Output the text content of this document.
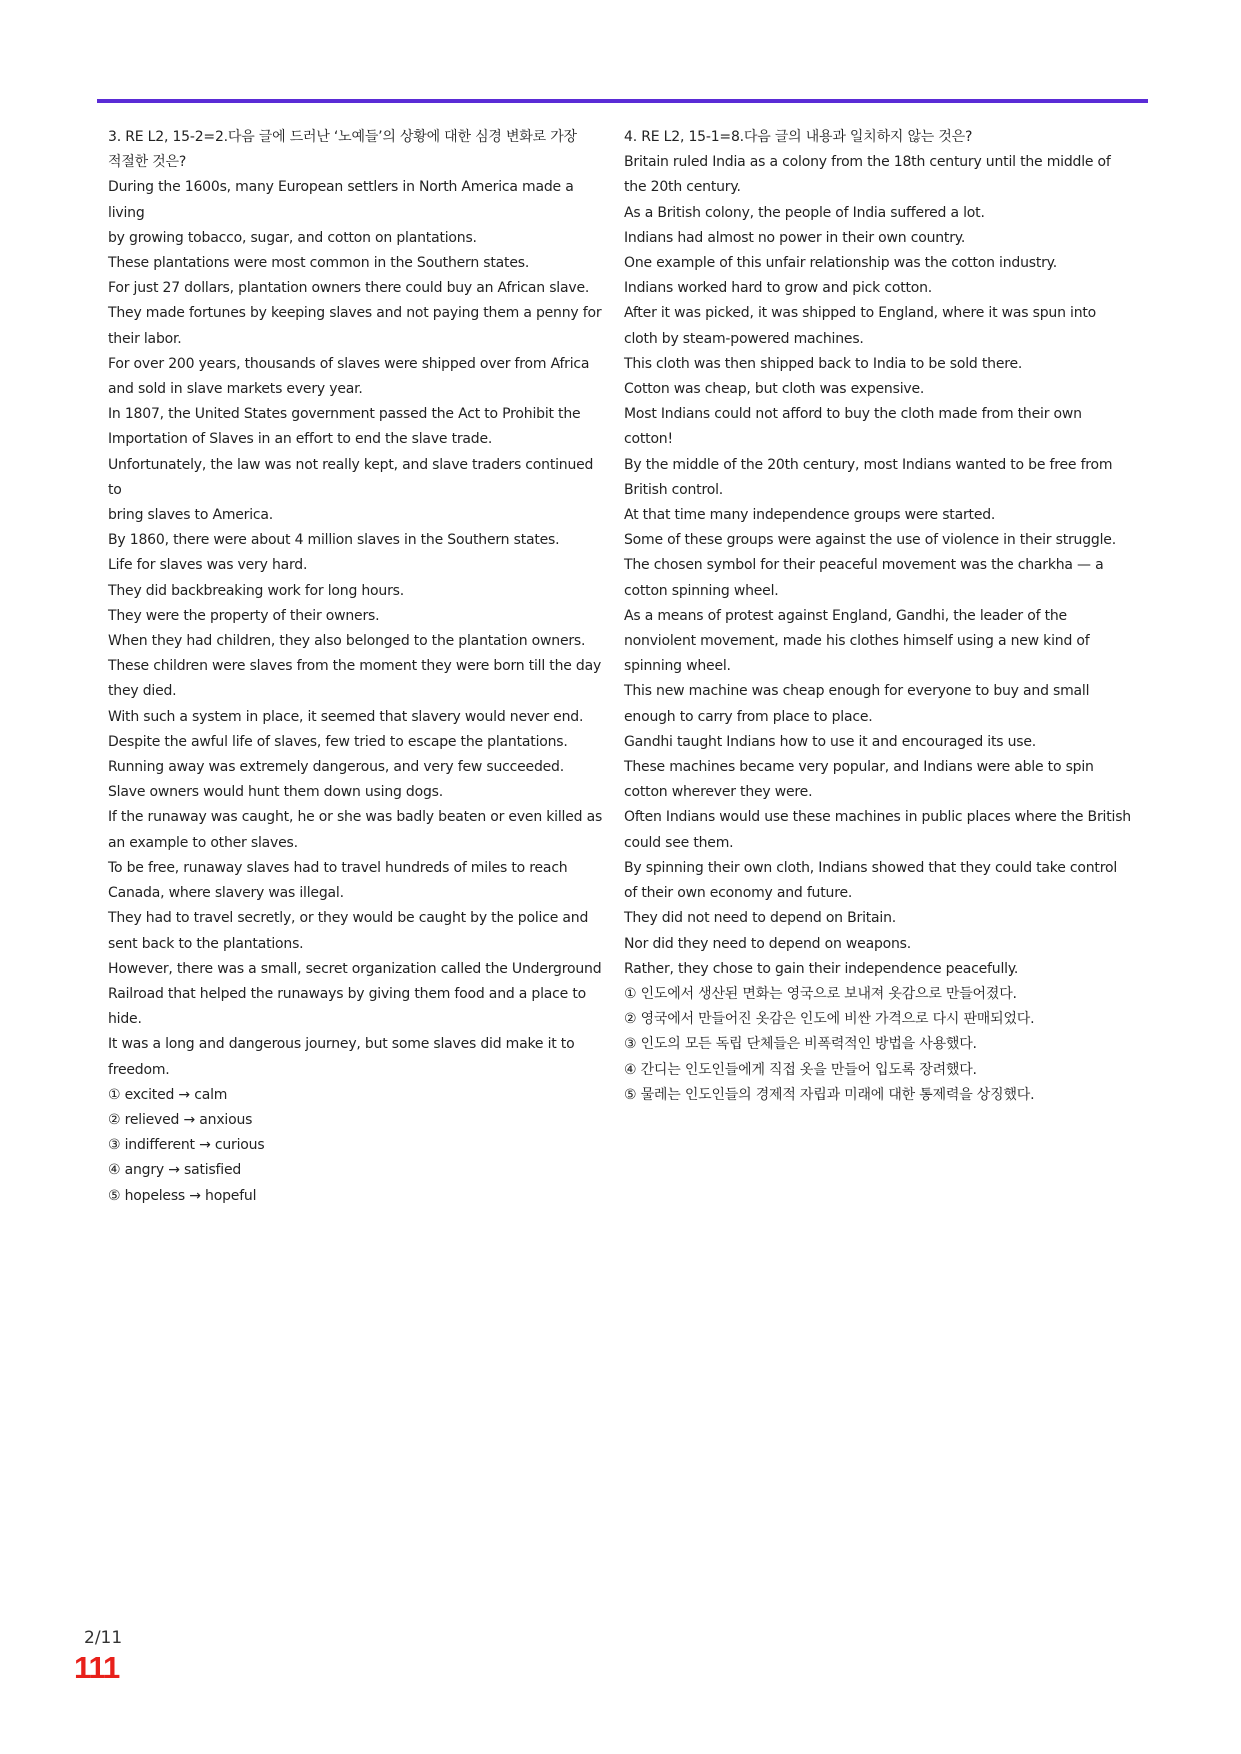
3. RE L2, 15-2=2.다음 글에 드러난 ‘노예들’의 상황에 대한 심경 변화로 가장

적절한 것은?

During the 1600s, many European settlers in North America made a living

by growing tobacco, sugar, and cotton on plantations.

These plantations were most common in the Southern states.

For just 27 dollars, plantation owners there could buy an African slave.

They made fortunes by keeping slaves and not paying them a penny for

their labor.

For over 200 years, thousands of slaves were shipped over from Africa

and sold in slave markets every year.

In 1807, the United States government passed the Act to Prohibit the

Importation of Slaves in an effort to end the slave trade.

Unfortunately, the law was not really kept, and slave traders continued to

bring slaves to America.

By 1860, there were about 4 million slaves in the Southern states.

Life for slaves was very hard.

They did backbreaking work for long hours.

They were the property of their owners.

When they had children, they also belonged to the plantation owners.

These children were slaves from the moment they were born till the day

they died.

With such a system in place, it seemed that slavery would never end.

Despite the awful life of slaves, few tried to escape the plantations.

Running away was extremely dangerous, and very few succeeded.

Slave owners would hunt them down using dogs.

If the runaway was caught, he or she was badly beaten or even killed as

an example to other slaves.

To be free, runaway slaves had to travel hundreds of miles to reach

Canada, where slavery was illegal.

They had to travel secretly, or they would be caught by the police and

sent back to the plantations.

However, there was a small, secret organization called the Underground

Railroad that helped the runaways by giving them food and a place to

hide.

It was a long and dangerous journey, but some slaves did make it to

freedom.

① excited → calm

② relieved → anxious

③ indifferent → curious

④ angry → satisfied

⑤ hopeless → hopeful

4. RE L2, 15-1=8.다음 글의 내용과 일치하지 않는 것은?

Britain ruled India as a colony from the 18th century until the middle of

the 20th century.

As a British colony, the people of India suffered a lot.

Indians had almost no power in their own country.

One example of this unfair relationship was the cotton industry.

Indians worked hard to grow and pick cotton.

After it was picked, it was shipped to England, where it was spun into

cloth by steam-powered machines.

This cloth was then shipped back to India to be sold there.

Cotton was cheap, but cloth was expensive.

Most Indians could not afford to buy the cloth made from their own

cotton!

By the middle of the 20th century, most Indians wanted to be free from

British control.

At that time many independence groups were started.

Some of these groups were against the use of violence in their struggle.

The chosen symbol for their peaceful movement was the charkha — a

cotton spinning wheel.

As a means of protest against England, Gandhi, the leader of the

nonviolent movement, made his clothes himself using a new kind of

spinning wheel.

This new machine was cheap enough for everyone to buy and small

enough to carry from place to place.

Gandhi taught Indians how to use it and encouraged its use.

These machines became very popular, and Indians were able to spin

cotton wherever they were.

Often Indians would use these machines in public places where the British

could see them.

By spinning their own cloth, Indians showed that they could take control

of their own economy and future.

They did not need to depend on Britain.

Nor did they need to depend on weapons.

Rather, they chose to gain their independence peacefully.

① 인도에서 생산된 면화는 영국으로 보내져 옷감으로 만들어졌다.

② 영국에서 만들어진 옷감은 인도에 비싼 가격으로 다시 판매되었다.

③ 인도의 모든 독립 단체들은 비폭력적인 방법을 사용했다.

④ 간디는 인도인들에게 직접 옷을 만들어 입도록 장려했다.

⑤ 물레는 인도인들의 경제적 자립과 미래에 대한 통제력을 상징했다.

2/11
111
